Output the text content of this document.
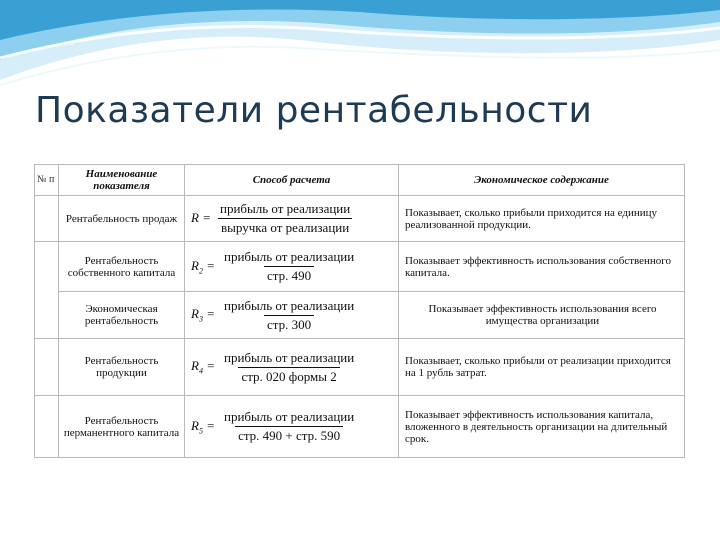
Показатели рентабельности
№ п	Наименование показателя	Способ расчета	Экономическое содержание
	Рентабельность продаж	$R = \frac{\text{прибыль от реализации}}{\text{выручка от реализации}}$	Показывает, сколько прибыли приходится на единицу реализованной продукции.
	Рентабельность собственного капитала	$R_2 = \frac{\text{прибыль от реализации}}{\text{стр. 490}}$	Показывает эффективность использования собственного капитала.
	Экономическая рентабельность	$R_3 = \frac{\text{прибыль от реализации}}{\text{стр. 300}}$	Показывает эффективность использования всего имущества организации
	Рентабельность продукции	$R_4 = \frac{\text{прибыль от реализации}}{\text{стр. 020 формы 2}}$	Показывает, сколько прибыли от реализации приходится на 1 рубль затрат.
	Рентабельность перманентного капитала	$R_5 = \frac{\text{прибыль от реализации}}{\text{стр. 490 + стр. 590}}$	Показывает эффективность использования капитала, вложенного в деятельность организации на длительный срок.
